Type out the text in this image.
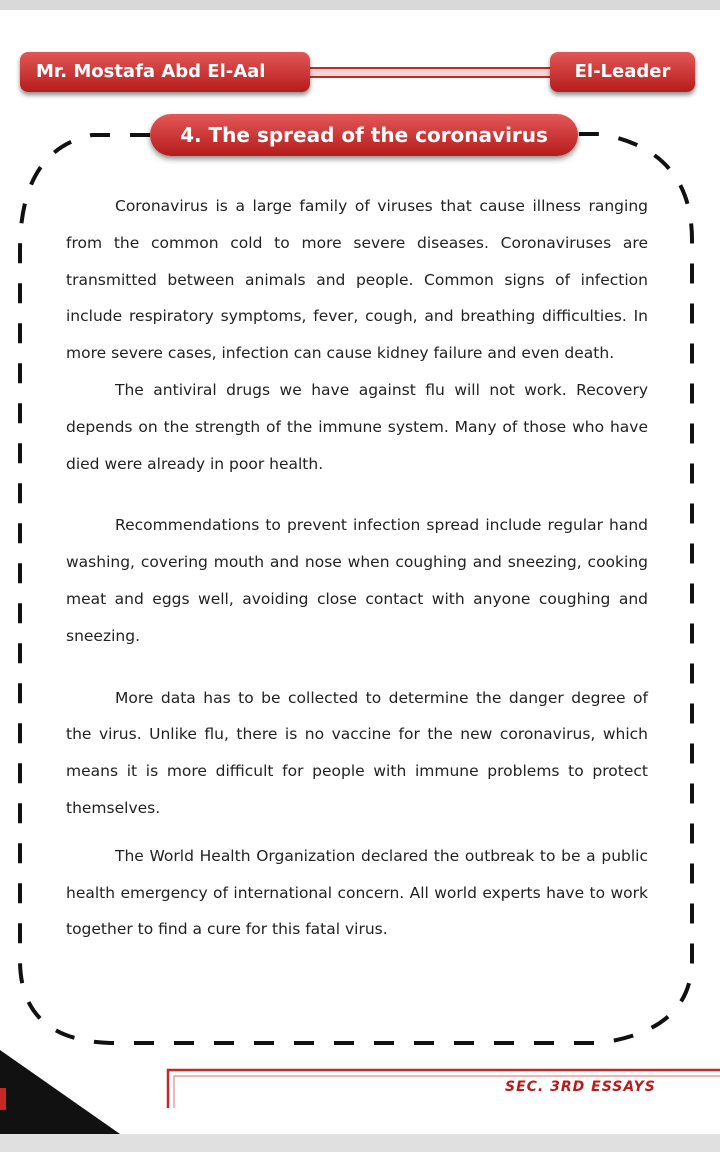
Mr. Mostafa Abd El-Aal	El-Leader
4. The spread of the coronavirus

Coronavirus is a large family of viruses that cause illness ranging from the common cold to more severe diseases. Coronaviruses are transmitted between animals and people. Common signs of infection include respiratory symptoms, fever, cough, and breathing difficulties. In more severe cases, infection can cause kidney failure and even death.

The antiviral drugs we have against flu will not work. Recovery depends on the strength of the immune system. Many of those who have died were already in poor health.

Recommendations to prevent infection spread include regular hand washing, covering mouth and nose when coughing and sneezing, cooking meat and eggs well, avoiding close contact with anyone coughing and sneezing.

More data has to be collected to determine the danger degree of the virus. Unlike flu, there is no vaccine for the new coronavirus, which means it is more difficult for people with immune problems to protect themselves.

The World Health Organization declared the outbreak to be a public health emergency of international concern. All world experts have to work together to find a cure for this fatal virus.

SEC. 3RD ESSAYS
